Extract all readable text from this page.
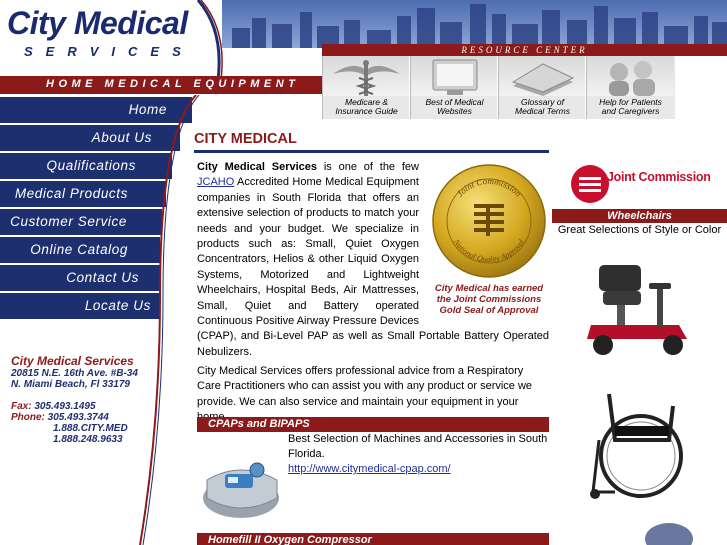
City Medical
SERVICES	RESOURCE CENTER
HOME MEDICAL EQUIPMENT
Medicare &
Insurance Guide
Best of Medical
Websites
Glossary of
Medical Terms
Help for Patients
and Caregivers
Home
About Us
Qualifications
Medical Products
Customer Service
Online Catalog
Contact Us
Locate Us
City Medical Services
20815 N.E. 16th Ave. #B-34
N. Miami Beach, Fl 33179
Fax: 305.493.1495
Phone: 305.493.3744
1.888.CITY.MED
1.888.248.9633
CITY MEDICAL
Joint Commission
National Quality Approval
City Medical has earned the Joint Commissions Gold Seal of Approval
City Medical Services is one of the few JCAHO Accredited Home Medical Equipment companies in South Florida that offers an extensive selection of products to match your needs and your budget. We specialize in products such as: Small, Quiet Oxygen Concentrators, Helios & other Liquid Oxygen Systems, Motorized and Lightweight Wheelchairs, Hospital Beds, Air Mattresses, Small, Quiet and Battery operated Continuous Positive Airway Pressure Devices (CPAP), and Bi-Level PAP as well as Small Portable Battery Operated Nebulizers.
City Medical Services offers professional advice from a Respiratory Care Practitioners who can assist you with any product or service we provide. We can also service and maintain your equipment in your
CPAPs and BIPAPS
Best Selection of Machines and Accessories in South Florida.
http://www.citymedical-cpap.com/
Homefill II Oxygen Compressor
Joint Commission
Wheelchairs
Great Selections of Style or Color
